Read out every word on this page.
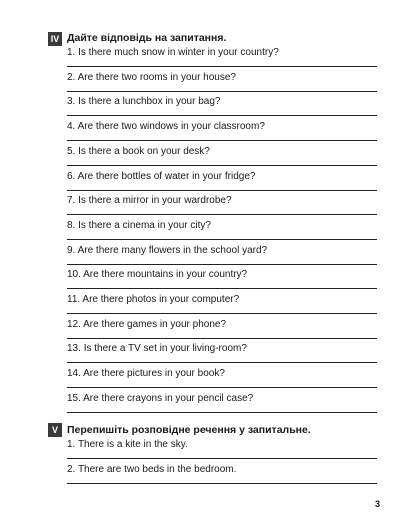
IV Дайте відповідь на запитання.
1. Is there much snow in winter in your country?
2. Are there two rooms in your house?
3. Is there a lunchbox in your bag?
4. Are there two windows in your classroom?
5. Is there a book on your desk?
6. Are there bottles of water in your fridge?
7. Is there a mirror in your wardrobe?
8. Is there a cinema in your city?
9. Are there many flowers in the school yard?
10. Are there mountains in your country?
11. Are there photos in your computer?
12. Are there games in your phone?
13. Is there a TV set in your living-room?
14. Are there pictures in your book?
15. Are there crayons in your pencil case?
V Перепишіть розповідне речення у запитальне.
1. There is a kite in the sky.
2. There are two beds in the bedroom.
3
